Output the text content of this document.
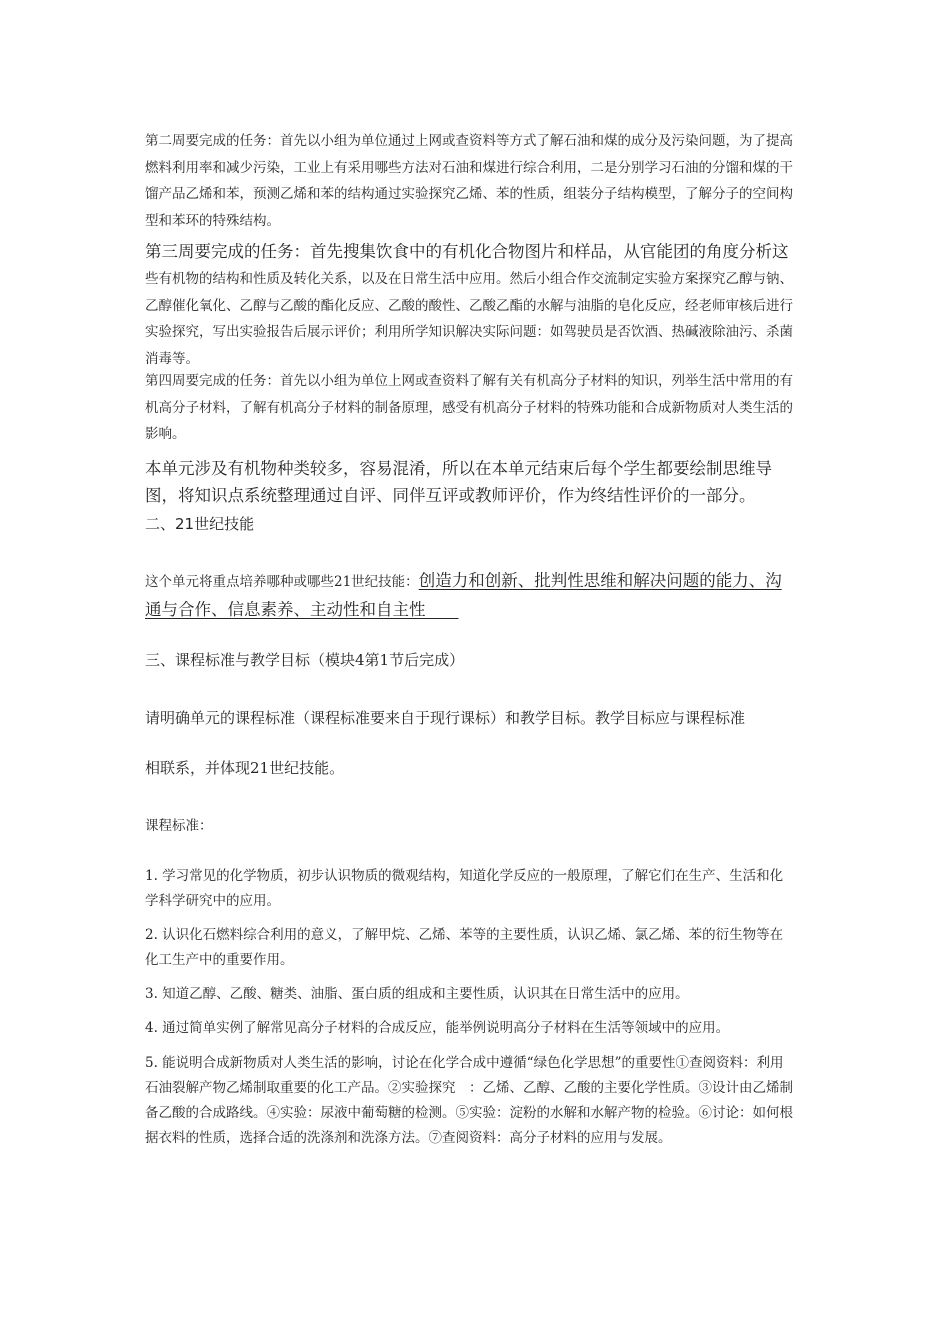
第二周要完成的任务：首先以小组为单位通过上网或查资料等方式了解石油和煤的成分及污染问题，为了提高燃料利用率和减少污染，工业上有采用哪些方法对石油和煤进行综合利用，二是分别学习石油的分馏和煤的干馏产品乙烯和苯，预测乙烯和苯的结构通过实验探究乙烯、苯的性质，组装分子结构模型，了解分子的空间构型和苯环的特殊结构。

第三周要完成的任务：首先搜集饮食中的有机化合物图片和样品，从官能团的角度分析这
些有机物的结构和性质及转化关系，以及在日常生活中应用。然后小组合作交流制定实验方案探究乙醇与钠、乙醇催化氧化、乙醇与乙酸的酯化反应、乙酸的酸性、乙酸乙酯的水解与油脂的皂化反应，经老师审核后进行实验探究，写出实验报告后展示评价；利用所学知识解决实际问题：如驾驶员是否饮酒、热碱液除油污、杀菌消毒等。

第四周要完成的任务：首先以小组为单位上网或查资料了解有关有机高分子材料的知识，列举生活中常用的有机高分子材料，了解有机高分子材料的制备原理，感受有机高分子材料的特殊功能和合成新物质对人类生活的影响。

本单元涉及有机物种类较多，容易混淆，所以在本单元结束后每个学生都要绘制思维导图，将知识点系统整理通过自评、同伴互评或教师评价，作为终结性评价的一部分。

二、21世纪技能

这个单元将重点培养哪种或哪些21世纪技能：创造力和创新、批判性思维和解决问题的能力、沟通与合作、信息素养、主动性和自主性　　

三、课程标准与教学目标（模块4第1节后完成）

请明确单元的课程标准（课程标准要来自于现行课标）和教学目标。教学目标应与课程标准

相联系，并体现21世纪技能。

课程标准：

1. 学习常见的化学物质，初步认识物质的微观结构，知道化学反应的一般原理，了解它们在生产、生活和化学科学研究中的应用。

2. 认识化石燃料综合利用的意义，了解甲烷、乙烯、苯等的主要性质，认识乙烯、氯乙烯、苯的衍生物等在化工生产中的重要作用。

3. 知道乙醇、乙酸、糖类、油脂、蛋白质的组成和主要性质，认识其在日常生活中的应用。

4. 通过简单实例了解常见高分子材料的合成反应，能举例说明高分子材料在生活等领域中的应用。

5. 能说明合成新物质对人类生活的影响，讨论在化学合成中遵循“绿色化学思想”的重要性①查阅资料：利用石油裂解产物乙烯制取重要的化工产品。②实验探究　：乙烯、乙醇、乙酸的主要化学性质。③设计由乙烯制备乙酸的合成路线。④实验：尿液中葡萄糖的检测。⑤实验：淀粉的水解和水解产物的检验。⑥讨论：如何根据衣料的性质，选择合适的洗涤剂和洗涤方法。⑦查阅资料：高分子材料的应用与发展。
